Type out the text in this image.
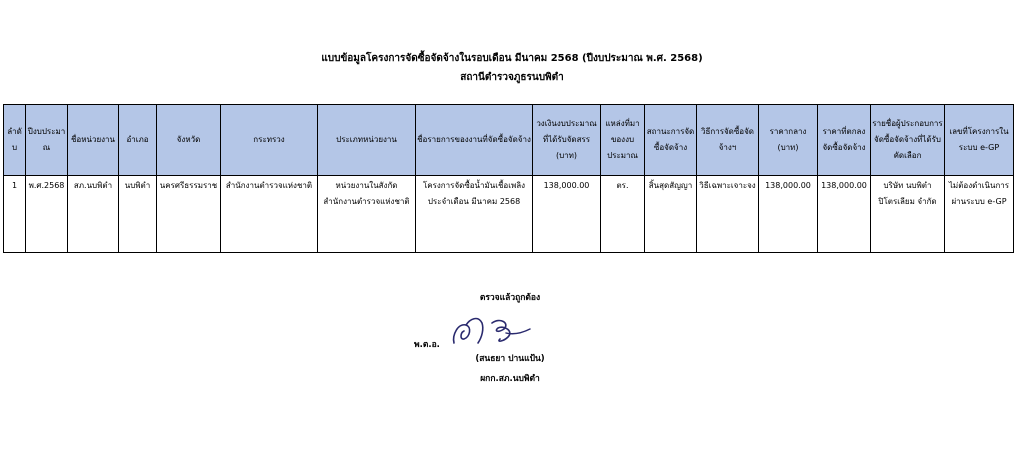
แบบข้อมูลโครงการจัดซื้อจัดจ้างในรอบเดือน มีนาคม 2568 (ปีงบประมาณ พ.ศ. 2568)
สถานีตำรวจภูธรนบพิตำ
ลำดับ	ปีงบประมาณ	ชื่อหน่วยงาน	อำเภอ	จังหวัด	กระทรวง	ประเภทหน่วยงาน	ชื่อรายการของงานที่จัดซื้อจัดจ้าง	วงเงินงบประมาณที่ได้รับจัดสรร (บาท)	แหล่งที่มาของงบประมาณ	สถานะการจัดซื้อจัดจ้าง	วิธีการจัดซื้อจัดจ้างฯ	ราคากลาง (บาท)	ราคาที่ตกลงจัดซื้อจัดจ้าง	รายชื่อผู้ประกอบการจัดซื้อจัดจ้างที่ได้รับคัดเลือก	เลขที่โครงการในระบบ e-GP
1	พ.ศ.2568	สภ.นบพิตำ	นบพิตำ	นครศรีธรรมราช	สำนักงานตำรวจแห่งชาติ	หน่วยงานในสังกัดสำนักงานตำรวจแห่งชาติ	โครงการจัดซื้อน้ำมันเชื้อเพลิงประจำเดือน มีนาคม 2568	138,000.00	ตร.	สิ้นสุดสัญญา	วิธีเฉพาะเจาะจง	138,000.00	138,000.00	บริษัท นบพิตำปิโตรเลียม จำกัด	ไม่ต้องดำเนินการผ่านระบบ e-GP
ตรวจแล้วถูกต้อง
พ.ต.อ.
(สนธยา ปานแป้น)
ผกก.สภ.นบพิตำ
